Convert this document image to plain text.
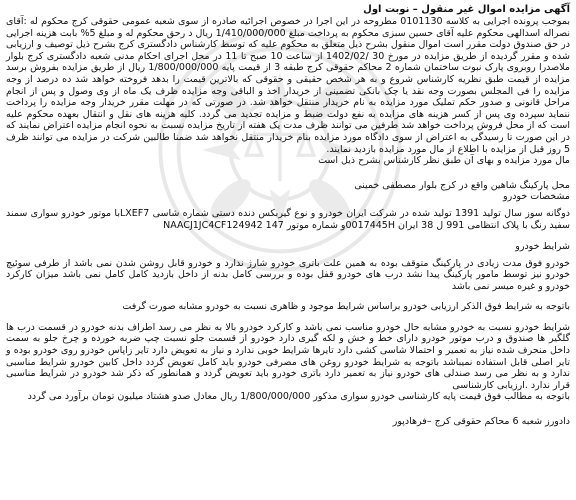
آگهی مزایده اموال غیر منقول – نوبت اول

بموجب پرونده اجرایی به کلاسه 0101130 مطروحه در این اجرا در خصوص اجرائیه صادره از سوی شعبه عمومی حقوقی کرج محکوم له :آقای نصراله اسدالهی محکوم علیه آقای حسین سبزی محکوم به پرداخت مبلغ 1/410/000/000 ریال د رحق محکوم له و مبلغ 5% بابت هزینه اجرایی در حق صندوق دولت مقرر است اموال منقول بشرح ذیل متعلق به محکوم علیه که توسط کارشناس دادگستری کرج بشرح ذیل توصیف و ارزیابی شده و مقرر گردیده از طریق مزایده در مورخ 30 /1402/02 از ساعت 10 صبح تا 11 در محل اجرای احکام مدنی شعبه دادگستری کرج بلوار ملاصدرا روبروی پارک نبوت ساختمان شماره 2 محاکم حقوقی کرج طبقه 3 از قیمت پایه 1/800/000/000 ریال از طریق مزایده بفروش برسد مزایده از قیمت طبق نظریه کارشناس شروع و به هر شخص حقیقی و حقوقی که بالاترین قیمت را بدهد فروخته خواهد شد ده درصد از وجه مزایده را فی المجلس بصورت وجه نقد یا چک بانکی تضمینی از خریدار اخذ و الباقی وجه مزایده ظرف یک ماه از وی وصول و پس از انجام مراحل قانونی و صدور حکم تملیک مورد مزایده به نام خریدار منتقل خواهد شد. در صورتی که در مهلت مقرر خریدار وجه مزایده را پرداخت ننماید سپرده وی پس از کسر هزینه های مزایده به نفع دولت ضبط و مزایده تجدید می گردد. کلیه هزینه های نقل و انتقال بعهده محکوم علیه است که از محل فروش پرداخت خواهد شد طرفین می توانند ظرف مدت یک هفته از تاریخ مزایده نسبت به نحوه انجام مزایده اعتراض نمایند که در این صورت تا رسیدگی به اعتراض از سوی دادگاه مورد مزایده بنام خریدار منتقل نخواهد شد ضمنا طالبین شرکت در مزایده می توانند ظرف 5 روز قبل از مزایده با اطلاع از مال مورد مزایده بازدید نمایند.

مال مورد مزایده و بهای آن طبق نظر کارشناس بشرح ذیل است

محل پارکینگ شاهین واقع در کرج بلوار مصطفی خمینی

مشخصات خودرو

دوگانه سوز سال تولید 1391 تولید شده در شرکت ایران خودرو و نوع گیربکس دنده دستی شماره شاسی LXEF7با موتور خودرو سواری سمند سفید رنگ با پلاک انتظامی 991 ل 38 ایران 0017445Hو شماره موتور 147 NAACJ1JC4CF124942

شرایط خودرو

خودرو فوق مدت زیادی در پارکینگ متوقف بوده به همین علت باتری خودرو شارژ ندارد و خودرو قابل روشن شدن نمی باشد از طرفی سوئیچ خودرو نیز توسط مامور پارکینگ پیدا نشد درب های خودرو قفل بوده و بررسی کامل بدنه از داخل بازدید کامل کامل نمی باشد میزان کارکرد خودرو و غیره میسر نمی باشد

باتوجه به شرایط فوق الذکر ارزیابی خودرو براساس شرایط موجود و ظاهری نسبت به خودرو مشابه صورت گرفت

شرایط خودرو نسبت به خودرو مشابه حال خودرو مناسب نمی باشد و کارکرد خودرو بالا به نظر می رسد اطراف بدنه خودرو در قسمت درب ها گلگیر ها صندوق و درب موتور خودرو دارای خط و خش و لکه گیری دارد خودرو از قسمت جلو نسبت چپ ضربه خورده و چرخ جلو به سمت داخل منحرف شده نیاز به تعمیر و احتمالا شاسی کشی دارد تایرها شرایط خوبی ندارد و نیاز به تعویض دارد تایر زاپاس خودرو روی خودرو بوده و تایر اصلی قابل استفاده نمیباشد باتوجه به شرایط خودرو روغن های مصرفی خودرو باید کامل تعویض گردد داخل کابین خودرو شرایط مناسبی ندارد و به نظر می رسد صندلی های خودرو نیاز به تعمیر دارد باتری خودرو باید تعویض گردد و همانطور که ذکر شد خودرو در شرایط مناسبی قرار ندارد .ارزیابی کارشناسی

باتوجه به مطالب فوق قیمت پایه کارشناسی خودرو سواری مذکور 1/800/000/000 ریال معادل صدو هشتاد میلیون تومان برآورد می گردد

دادورز شعبه 6 محاکم حقوقی کرج –فرهادپور
